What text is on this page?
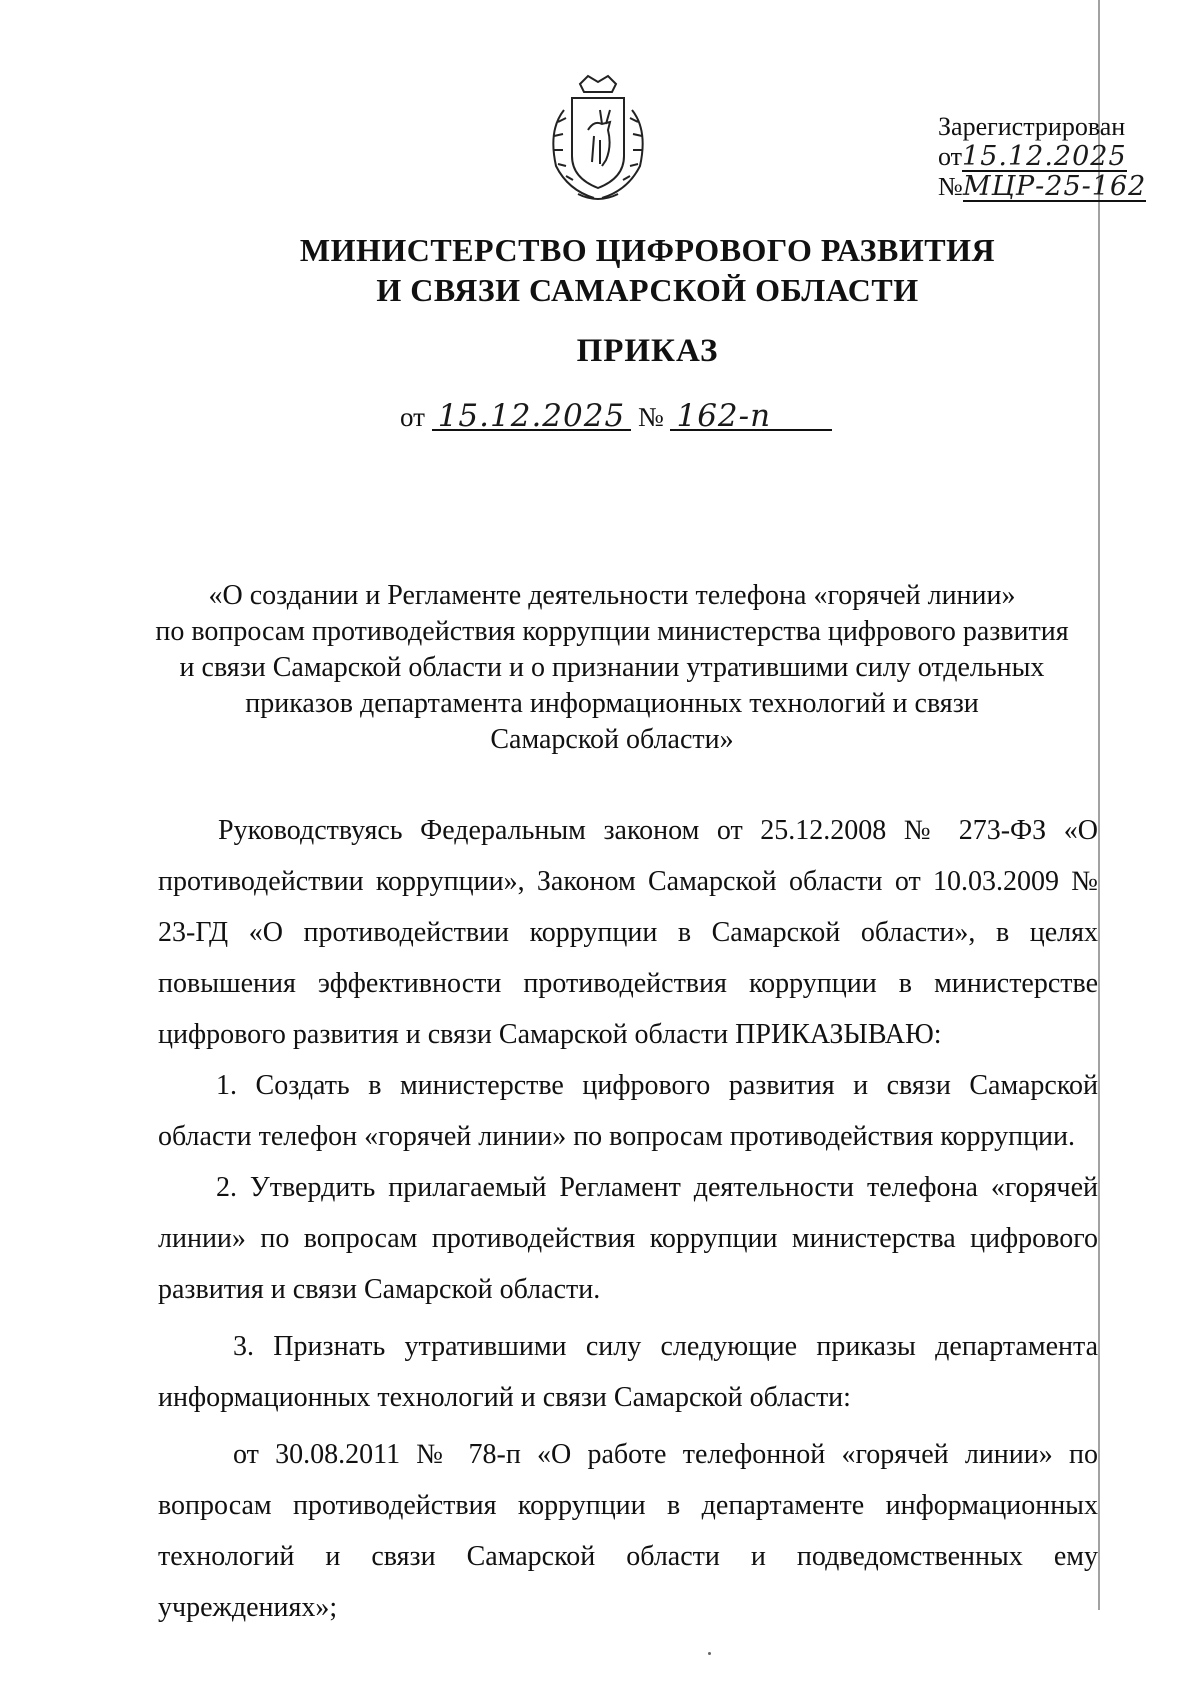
Зарегистрирован
от15.12.2025
№МЦР-25-162
МИНИСТЕРСТВО ЦИФРОВОГО РАЗВИТИЯ
И СВЯЗИ САМАРСКОЙ ОБЛАСТИ
ПРИКАЗ
от 15.12.2025 № 162-п
«О создании и Регламенте деятельности телефона «горячей линии»
по вопросам противодействия коррупции министерства цифрового развития
и связи Самарской области и о признании утратившими силу отдельных
приказов департамента информационных технологий и связи
Самарской области»

Руководствуясь Федеральным законом от 25.12.2008 № 273-ФЗ «О противодействии коррупции», Законом Самарской области от 10.03.2009 № 23-ГД «О противодействии коррупции в Самарской области», в целях повышения эффективности противодействия коррупции в министерстве цифрового развития и связи Самарской области ПРИКАЗЫВАЮ:

1. Создать в министерстве цифрового развития и связи Самарской области телефон «горячей линии» по вопросам противодействия коррупции.

2. Утвердить прилагаемый Регламент деятельности телефона «горячей линии» по вопросам противодействия коррупции министерства цифрового развития и связи Самарской области.

3. Признать утратившими силу следующие приказы департамента информационных технологий и связи Самарской области:

от 30.08.2011 № 78-п «О работе телефонной «горячей линии» по вопросам противодействия коррупции в департаменте информационных технологий и связи Самарской области и подведомственных ему учреждениях»;
